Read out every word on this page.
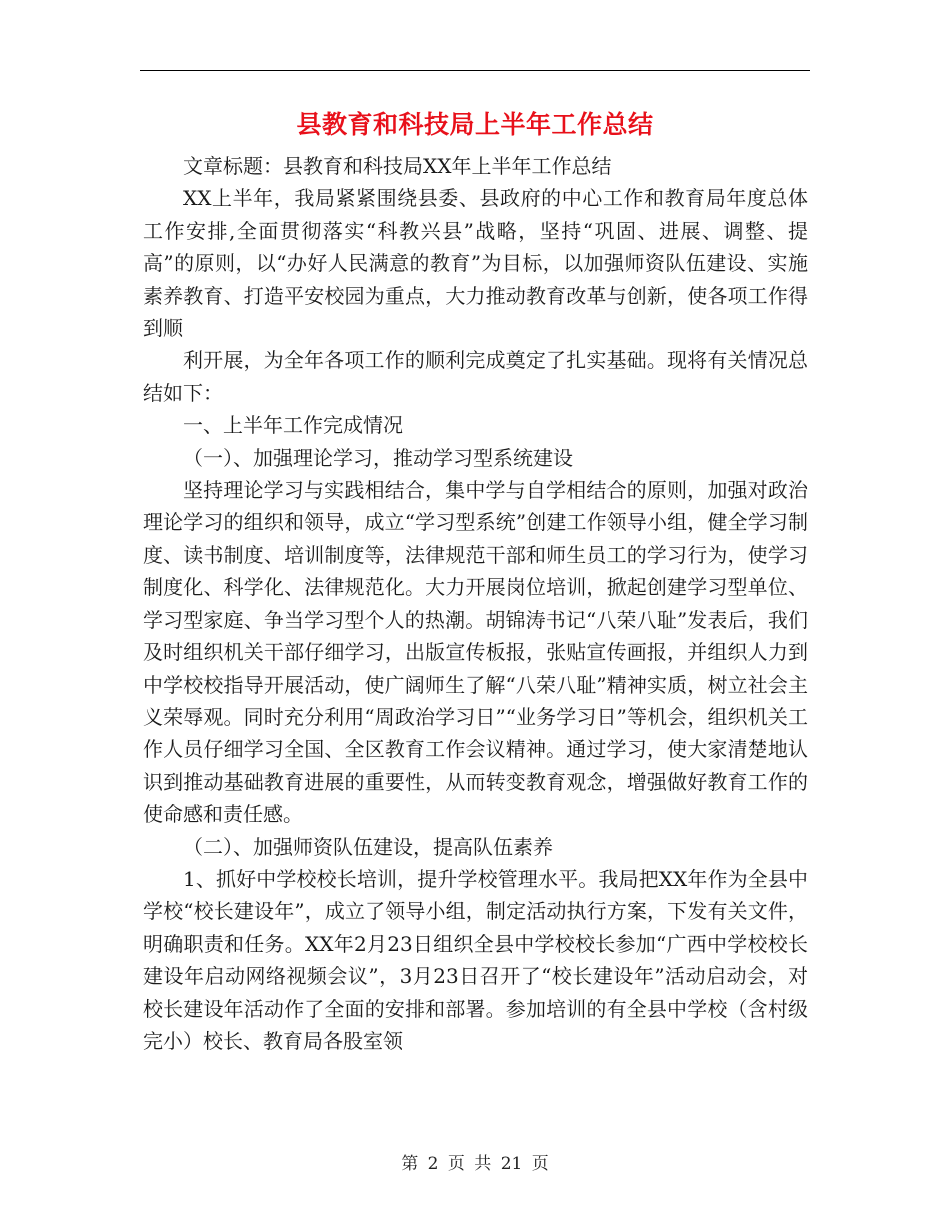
县教育和科技局上半年工作总结

文章标题：县教育和科技局XX年上半年工作总结

XX上半年，我局紧紧围绕县委、县政府的中心工作和教育局年度总体工作安排,全面贯彻落实“科教兴县”战略，坚持“巩固、进展、调整、提高”的原则，以“办好人民满意的教育”为目标，以加强师资队伍建设、实施素养教育、打造平安校园为重点，大力推动教育改革与创新，使各项工作得到顺

利开展，为全年各项工作的顺利完成奠定了扎实基础。现将有关情况总结如下：

一、上半年工作完成情况

（一）、加强理论学习，推动学习型系统建设

坚持理论学习与实践相结合，集中学与自学相结合的原则，加强对政治理论学习的组织和领导，成立“学习型系统”创建工作领导小组，健全学习制度、读书制度、培训制度等，法律规范干部和师生员工的学习行为，使学习制度化、科学化、法律规范化。大力开展岗位培训，掀起创建学习型单位、学习型家庭、争当学习型个人的热潮。胡锦涛书记“八荣八耻”发表后，我们及时组织机关干部仔细学习，出版宣传板报，张贴宣传画报，并组织人力到中学校校指导开展活动，使广阔师生了解“八荣八耻”精神实质，树立社会主义荣辱观。同时充分利用“周政治学习日”“业务学习日”等机会，组织机关工作人员仔细学习全国、全区教育工作会议精神。通过学习，使大家清楚地认识到推动基础教育进展的重要性，从而转变教育观念，增强做好教育工作的使命感和责任感。

（二）、加强师资队伍建设，提高队伍素养

1、抓好中学校校长培训，提升学校管理水平。我局把XX年作为全县中学校“校长建设年”，成立了领导小组，制定活动执行方案，下发有关文件，明确职责和任务。XX年2月23日组织全县中学校校长参加“广西中学校校长建设年启动网络视频会议”，3月23日召开了“校长建设年”活动启动会，对校长建设年活动作了全面的安排和部署。参加培训的有全县中学校（含村级完小）校长、教育局各股室领

第 2 页 共 21 页
